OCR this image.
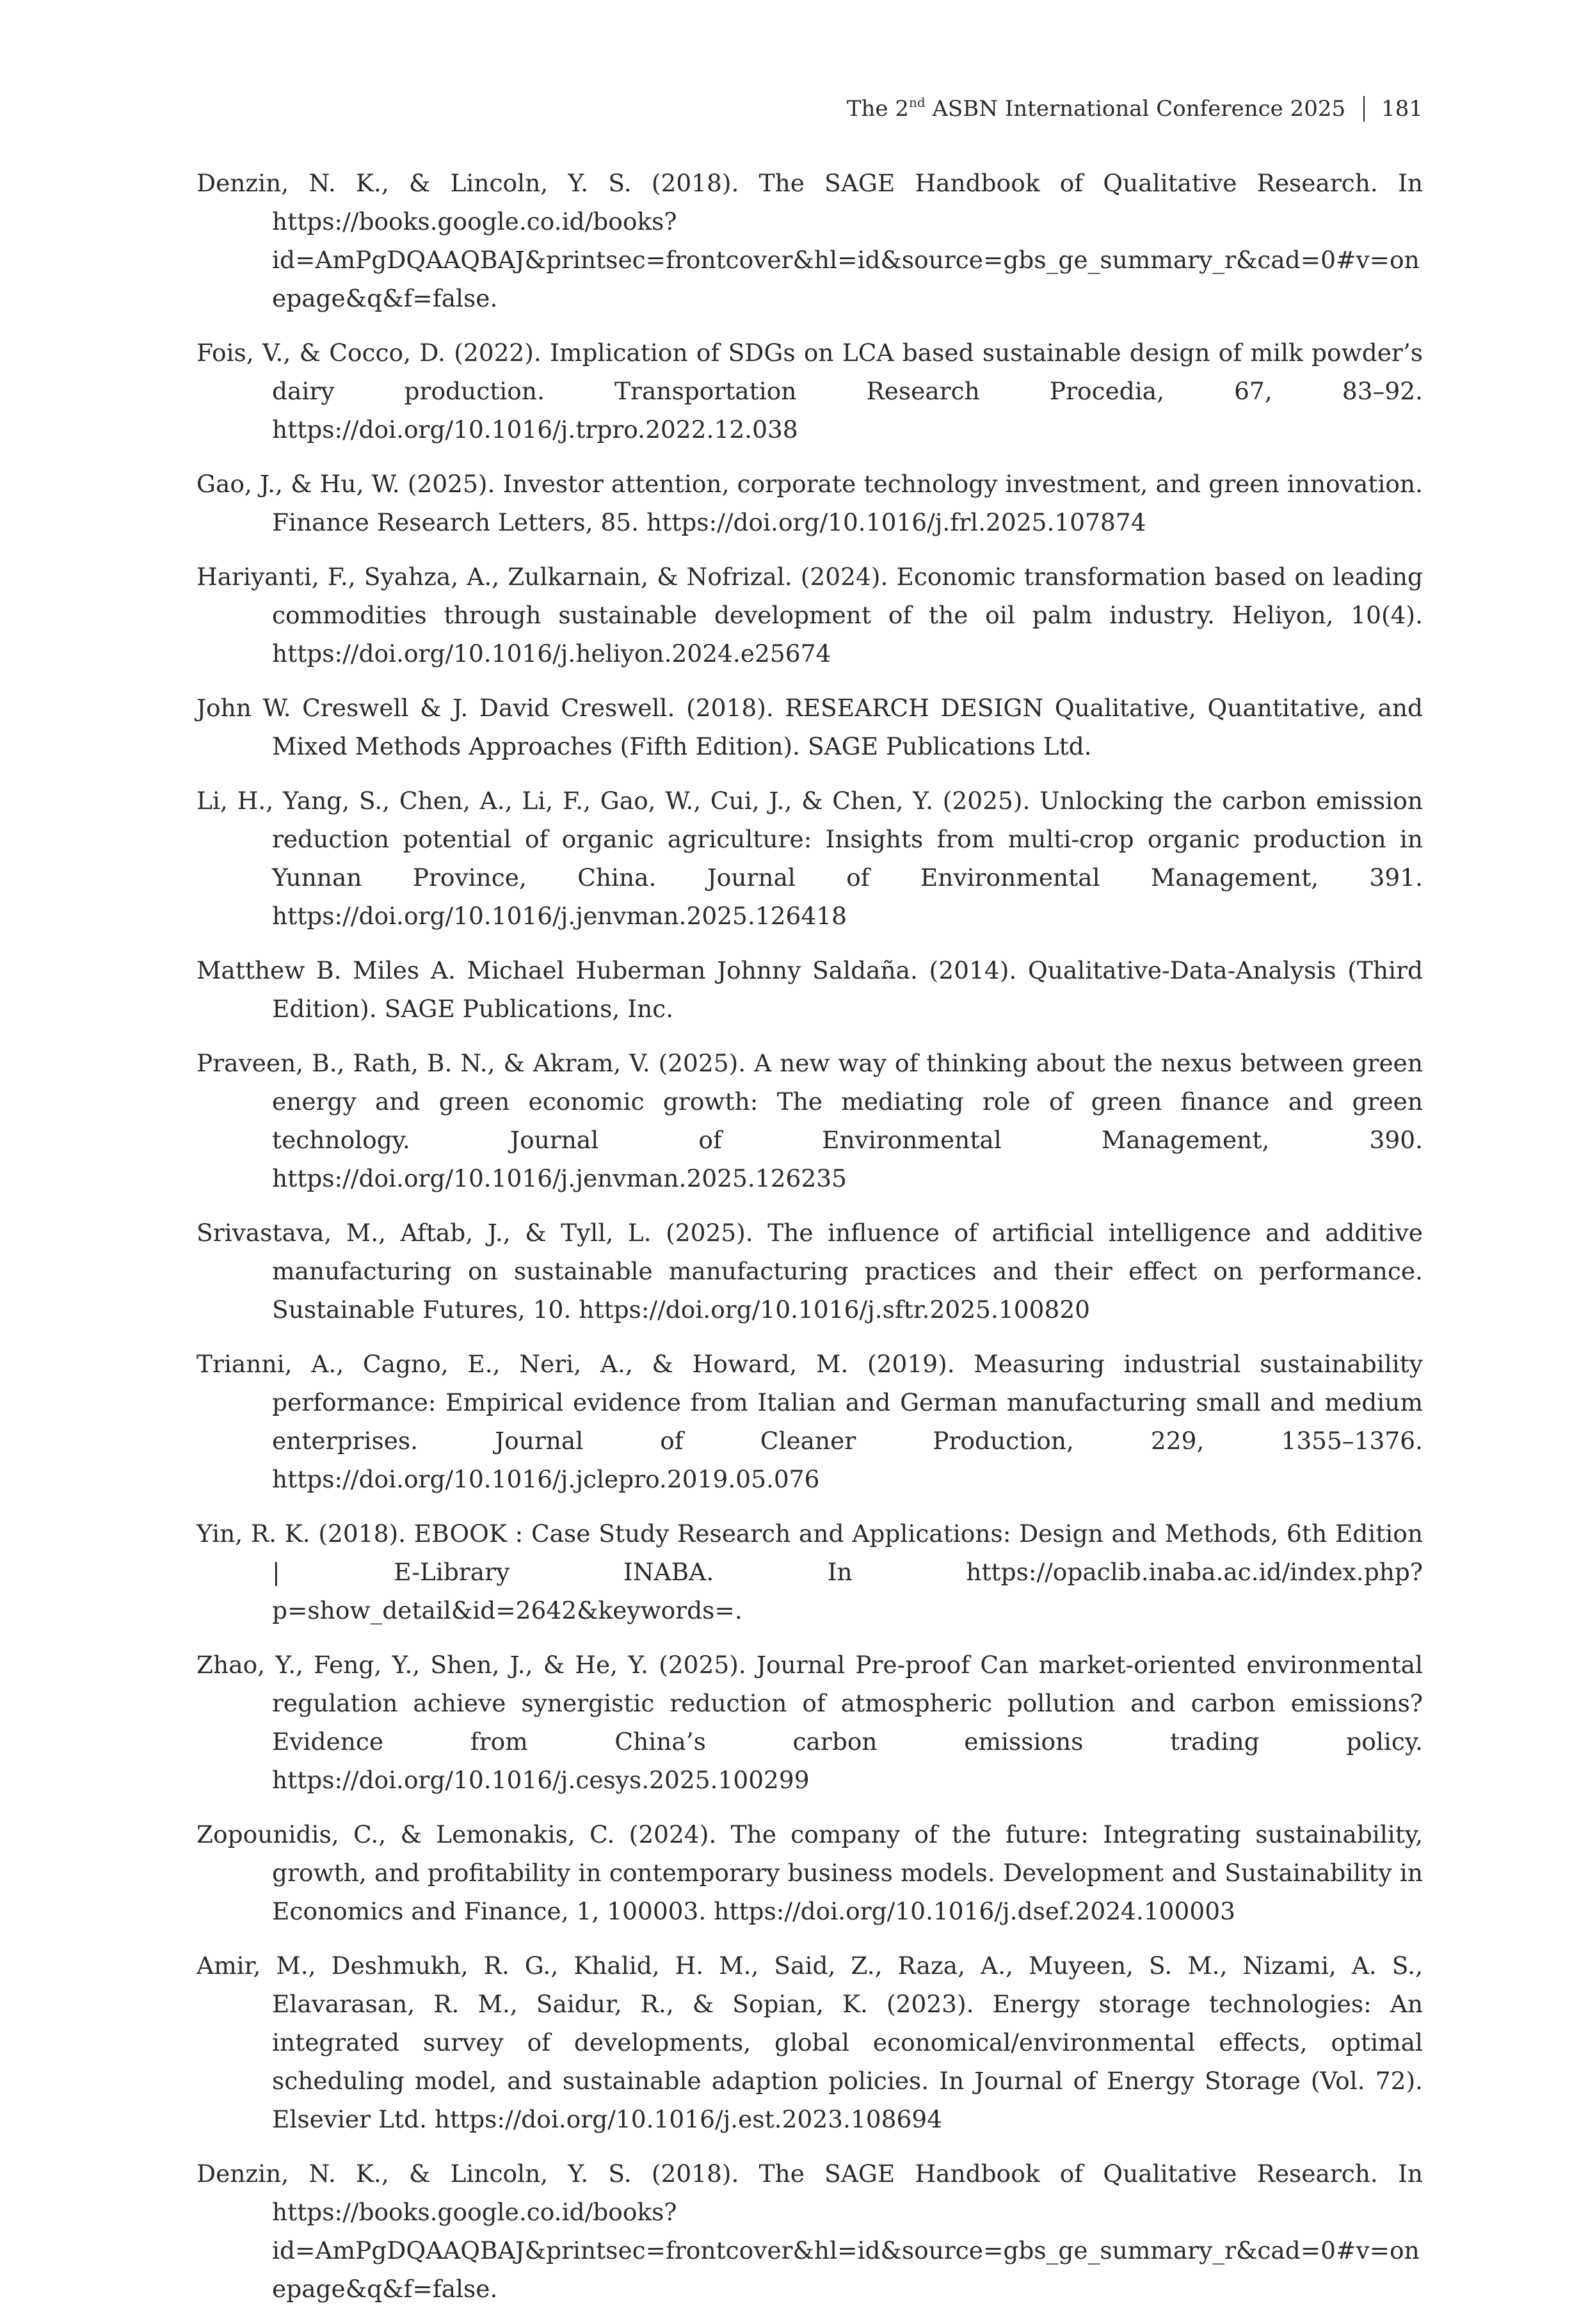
The 2nd ASBN International Conference 2025 181

Denzin, N. K., & Lincoln, Y. S. (2018). The SAGE Handbook of Qualitative Research. In https://books.google.co.id/books?id=AmPgDQAAQBAJ&printsec=frontcover&hl=id&source=gbs_ge_summary_r&cad=0#v=onepage&q&f=false.

Fois, V., & Cocco, D. (2022). Implication of SDGs on LCA based sustainable design of milk powder’s dairy production. Transportation Research Procedia, 67, 83–92. https://doi.org/10.1016/j.trpro.2022.12.038

Gao, J., & Hu, W. (2025). Investor attention, corporate technology investment, and green innovation. Finance Research Letters, 85. https://doi.org/10.1016/j.frl.2025.107874

Hariyanti, F., Syahza, A., Zulkarnain, & Nofrizal. (2024). Economic transformation based on leading commodities through sustainable development of the oil palm industry. Heliyon, 10(4). https://doi.org/10.1016/j.heliyon.2024.e25674

John W. Creswell & J. David Creswell. (2018). RESEARCH DESIGN Qualitative, Quantitative, and Mixed Methods Approaches (Fifth Edition). SAGE Publications Ltd.

Li, H., Yang, S., Chen, A., Li, F., Gao, W., Cui, J., & Chen, Y. (2025). Unlocking the carbon emission reduction potential of organic agriculture: Insights from multi-crop organic production in Yunnan Province, China. Journal of Environmental Management, 391. https://doi.org/10.1016/j.jenvman.2025.126418

Matthew B. Miles A. Michael Huberman Johnny Saldaña. (2014). Qualitative-Data-Analysis (Third Edition). SAGE Publications, Inc.

Praveen, B., Rath, B. N., & Akram, V. (2025). A new way of thinking about the nexus between green energy and green economic growth: The mediating role of green finance and green technology. Journal of Environmental Management, 390. https://doi.org/10.1016/j.jenvman.2025.126235

Srivastava, M., Aftab, J., & Tyll, L. (2025). The influence of artificial intelligence and additive manufacturing on sustainable manufacturing practices and their effect on performance. Sustainable Futures, 10. https://doi.org/10.1016/j.sftr.2025.100820

Trianni, A., Cagno, E., Neri, A., & Howard, M. (2019). Measuring industrial sustainability performance: Empirical evidence from Italian and German manufacturing small and medium enterprises. Journal of Cleaner Production, 229, 1355–1376. https://doi.org/10.1016/j.jclepro.2019.05.076

Yin, R. K. (2018). EBOOK : Case Study Research and Applications: Design and Methods, 6th Edition | E-Library INABA. In https://opaclib.inaba.ac.id/index.php?p=show_detail&id=2642&keywords=.

Zhao, Y., Feng, Y., Shen, J., & He, Y. (2025). Journal Pre-proof Can market-oriented environmental regulation achieve synergistic reduction of atmospheric pollution and carbon emissions? Evidence from China’s carbon emissions trading policy. https://doi.org/10.1016/j.cesys.2025.100299

Zopounidis, C., & Lemonakis, C. (2024). The company of the future: Integrating sustainability, growth, and profitability in contemporary business models. Development and Sustainability in Economics and Finance, 1, 100003. https://doi.org/10.1016/j.dsef.2024.100003

Amir, M., Deshmukh, R. G., Khalid, H. M., Said, Z., Raza, A., Muyeen, S. M., Nizami, A. S., Elavarasan, R. M., Saidur, R., & Sopian, K. (2023). Energy storage technologies: An integrated survey of developments, global economical/environmental effects, optimal scheduling model, and sustainable adaption policies. In Journal of Energy Storage (Vol. 72). Elsevier Ltd. https://doi.org/10.1016/j.est.2023.108694

Denzin, N. K., & Lincoln, Y. S. (2018). The SAGE Handbook of Qualitative Research. In https://books.google.co.id/books?id=AmPgDQAAQBAJ&printsec=frontcover&hl=id&source=gbs_ge_summary_r&cad=0#v=onepage&q&f=false.
